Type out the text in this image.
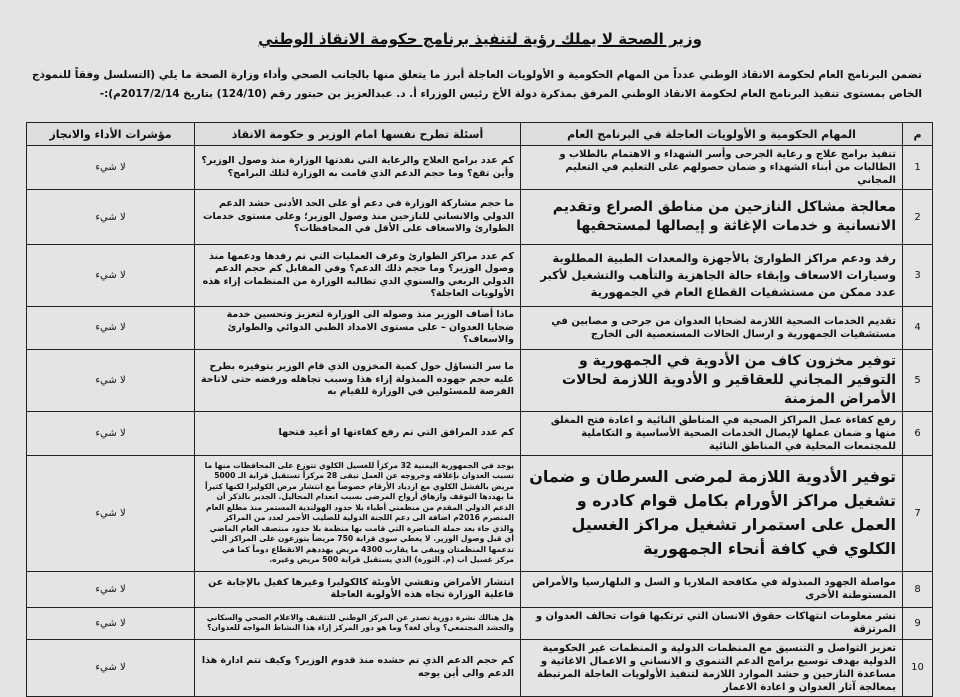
وزير الصحة لا يملك رؤية لتنفيذ برنامج حكومة الانقاذ الوطني
تضمن البرنامج العام لحكومة الانقاذ الوطني عدداً من المهام الحكومية و الأولويات العاجلة أبرز ما يتعلق منها بالجانب الصحي وأداء وزارة الصحة ما يلي (التسلسل وفقاً للنموذج الخاص بمستوى تنفيذ البرنامج العام لحكومة الانقاذ الوطني المرفق بمذكرة دولة الأخ رئيس الوزراء أ. د. عبدالعزيز بن حبتور رقم (124/10) بتاريخ 2017/2/14م):-
م	المهام الحكومية و الأولويات العاجلة في البرنامج العام	أسئلة تطرح نفسها امام الوزير و حكومة الانقاذ	مؤشرات الأداء والانجاز
1	تنفيذ برامج علاج و رعاية الجرحى وأسر الشهداء و الاهتمام بالطلاب و الطالبات من أبناء الشهداء و ضمان حصولهم على التعليم في التعليم المجاني	كم عدد برامج العلاج والرعاية التي نفذتها الوزارة منذ وصول الوزير؟ وأين تقع؟ وما حجم الدعم الذي قامت به الوزارة لتلك البرامج؟	لا شيء
2	معالجة مشاكل النازحين من مناطق الصراع وتقديم الانسانية و خدمات الإغاثة و إيصالها لمستحقيها	ما حجم مشاركة الوزارة في دعم أو على الحد الأدنى حشد الدعم الدولي والانساني للنازحين منذ وصول الوزير؛ وعلى مستوى خدمات الطوارئ والاسعاف على الأقل في المحافظات؟	لا شيء
3	رفد ودعم مراكز الطوارئ بالأجهزة والمعدات الطبية المطلوبة وسيارات الاسعاف وإبقاء حالة الجاهزية والتأهب والتشغيل لأكبر عدد ممكن من مستشفيات القطاع العام في الجمهورية	كم عدد مراكز الطوارئ وغرف العمليات التي تم رفدها ودعمها منذ وصول الوزير؟ وما حجم ذلك الدعم؟ وفي المقابل كم حجم الدعم الدولي الربعي والسنوي الذي تطالبه الوزارة من المنظمات إزاء هذه الأولويات العاجلة؟	لا شيء
4	تقديم الخدمات الصحية اللازمة لضحايا العدوان من جرحى و مصابين في مستشفيات الجمهورية و ارسال الحالات المستعصية الى الخارج	ماذا أضاف الوزير منذ وصوله الى الوزارة لتعزيز وتحسين خدمة ضحايا العدوان – على مستوى الامداد الطبي الدوائي والطوارئ والاسعاف؟	لا شيء
5	توفير مخزون كاف من الأدوية في الجمهورية و التوفير المجاني للعقاقير و الأدوية اللازمة لحالات الأمراض المزمنة	ما سر التساؤل حول كمية المخزون الذي قام الوزير بتوفيره بطرح عليه حجم جهوده المبذولة إزاء هذا وسبب تجاهله ورفضه حتى لاتاحة الفرصة للمسئولين في الوزارة للقيام به	لا شيء
6	رفع كفاءة عمل المراكز الصحية في المناطق النائية و اعادة فتح المغلق منها و ضمان عملها لإيصال الخدمات الصحية الأساسية و التكاملية للمجتمعات المحلية في المناطق النائية	كم عدد المرافق التي تم رفع كفاءتها او أعيد فتحها	لا شيء
7	توفير الأدوية اللازمة لمرضى السرطان و ضمان تشغيل مراكز الأورام بكامل قوام كادره و العمل على استمرار تشغيل مراكز الغسيل الكلوي في كافة أنحاء الجمهورية	يوجد في الجمهورية اليمنية 32 مركزاً للغسيل الكلوي تتوزع على المحافظات منها ما تسبب العدوان بإغلاقه وخروجه عن العمل تبقى 28 مركزاً تستقبل قرابة الـ 5000 مريض بالفشل الكلوي مع ازدياد الأرقام خصوصاً مع انتشار مرض الكوليرا لكنها كثيراً ما يهددها التوقف وازهاق أرواح المرضى بسبب انعدام المحاليل. الجدير بالذكر أن الدعم الدولي المقدم من منظمتي أطباء بلا حدود الهولندية المستمر منذ مطلع العام المنصرم 2016م اضافة الى دعم اللجنة الدولية للصليب الأحمر لعدد من المراكز والذي جاء بعد حملة المناصرة التي قامت بها منظمة بلا حدود منتصف العام الماضي أي قبل وصول الوزير. لا يغطي سوى قرابة 750 مريضاً يتوزعون على المراكز التي تدعمها المنظمتان ويبقى ما يقارب 4300 مريض يهددهم الانقطاع دوماً كما في مركز غسيل اب (م. الثورة) الذي يستقبل قرابة 500 مريض وغيره.	لا شيء
8	مواصلة الجهود المبذولة في مكافحة الملاريا و السل و البلهارسيا والأمراض المستوطنة الأخرى	انتشار الأمراض وتفشي الأوبئة كالكوليرا وغيرها كفيل بالإجابة عن فاعلية الوزارة تجاه هذه الأولوية العاجلة	لا شيء
9	نشر معلومات انتهاكات حقوق الانسان التي ترتكبها قوات تحالف العدوان و المرتزقة	هل هنالك نشرة دورية تصدر عن المركز الوطني للتثقيف والاعلام الصحي والسكاني والحشد المجتمعي؟ وبأي لغة؟ وما هو دور المركز إزاء هذا النشاط المواجه للعدوان؟	لا شيء
10	تعزيز التواصل و التنسيق مع المنظمات الدولية و المنظمات غير الحكومية الدولية بهدف توسيع برامج الدعم التنموي و الانساني و الاعمال الاغاثية و مساعدة النازحين و حشد الموارد اللازمة لتنفيذ الأولويات العاجلة المرتبطة بمعالجة آثار العدوان و اعادة الاعمار	كم حجم الدعم الذي تم حشده منذ قدوم الوزير؟ وكيف تتم ادارة هذا الدعم والى أين يوجه	لا شيء
